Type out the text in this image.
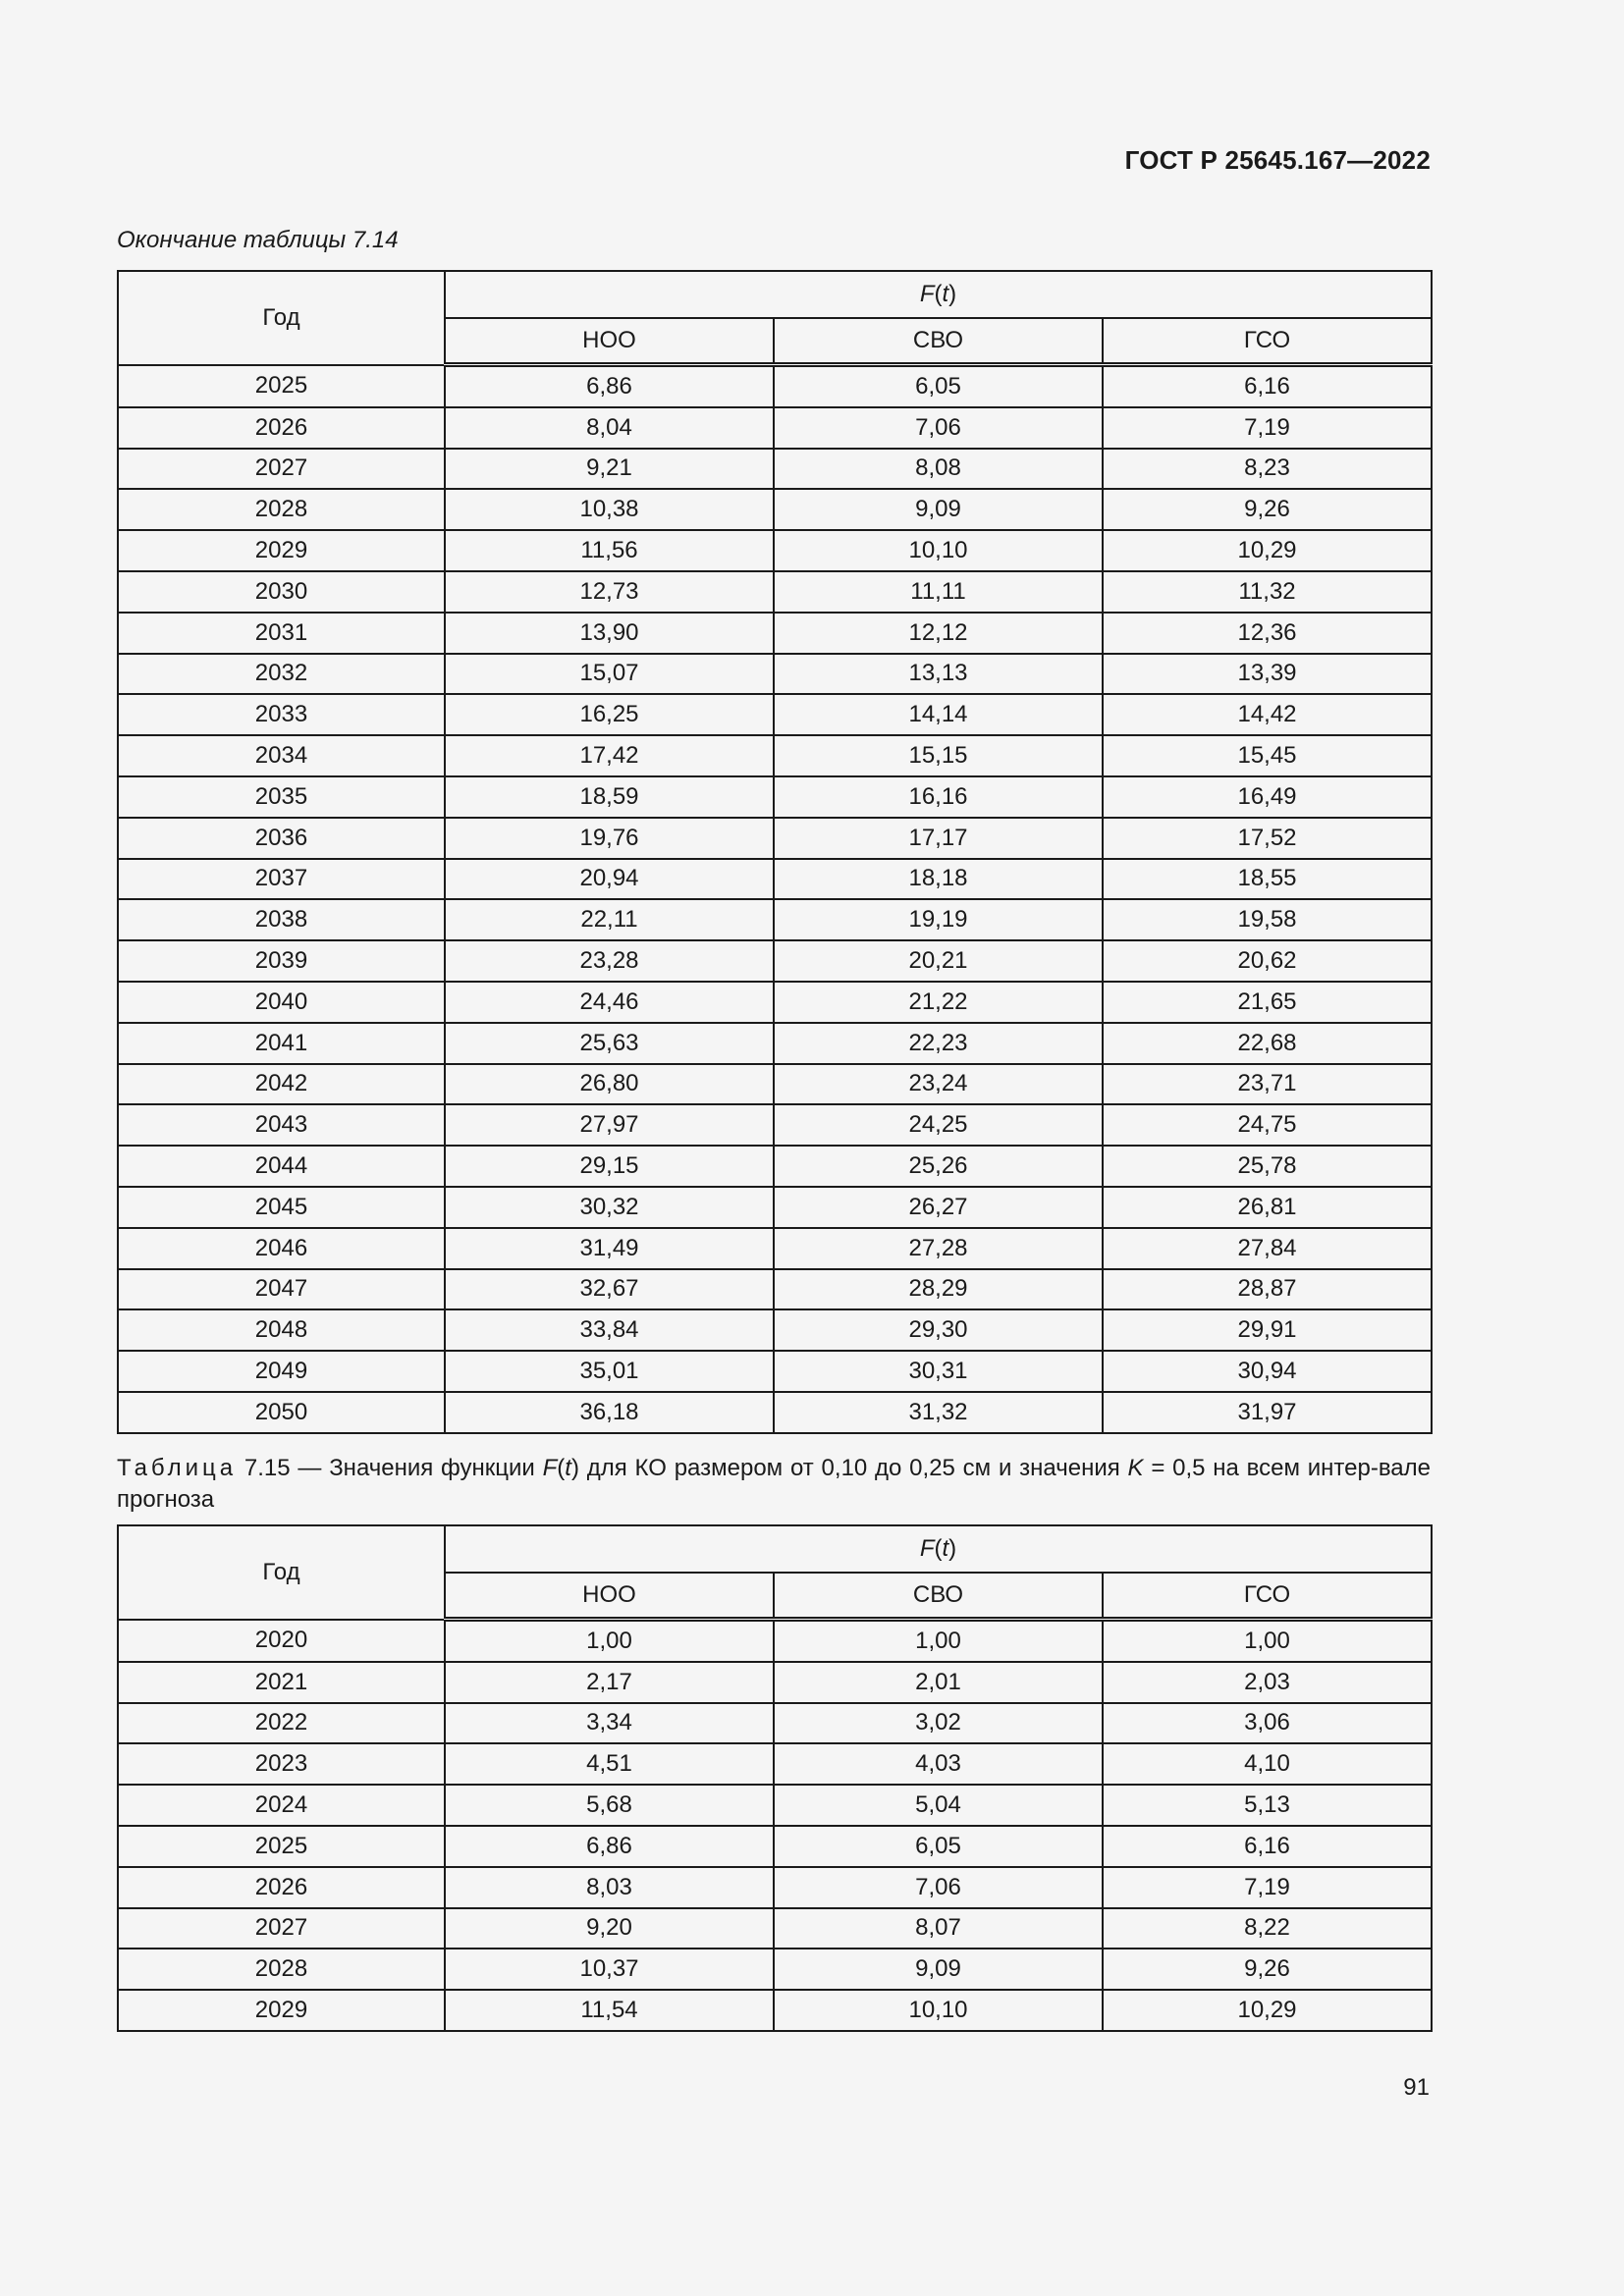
ГОСТ Р 25645.167—2022
Окончание таблицы 7.14
Год	F(t)		
	НОО	СВО	ГСО
2025	6,86	6,05	6,16
2026	8,04	7,06	7,19
2027	9,21	8,08	8,23
2028	10,38	9,09	9,26
2029	11,56	10,10	10,29
2030	12,73	11,11	11,32
2031	13,90	12,12	12,36
2032	15,07	13,13	13,39
2033	16,25	14,14	14,42
2034	17,42	15,15	15,45
2035	18,59	16,16	16,49
2036	19,76	17,17	17,52
2037	20,94	18,18	18,55
2038	22,11	19,19	19,58
2039	23,28	20,21	20,62
2040	24,46	21,22	21,65
2041	25,63	22,23	22,68
2042	26,80	23,24	23,71
2043	27,97	24,25	24,75
2044	29,15	25,26	25,78
2045	30,32	26,27	26,81
2046	31,49	27,28	27,84
2047	32,67	28,29	28,87
2048	33,84	29,30	29,91
2049	35,01	30,31	30,94
2050	36,18	31,32	31,97
Таблица 7.15 — Значения функции F(t) для КО размером от 0,10 до 0,25 см и значения K = 0,5 на всем интер-вале прогноза
Год	F(t)		
	НОО	СВО	ГСО
2020	1,00	1,00	1,00
2021	2,17	2,01	2,03
2022	3,34	3,02	3,06
2023	4,51	4,03	4,10
2024	5,68	5,04	5,13
2025	6,86	6,05	6,16
2026	8,03	7,06	7,19
2027	9,20	8,07	8,22
2028	10,37	9,09	9,26
2029	11,54	10,10	10,29
91
